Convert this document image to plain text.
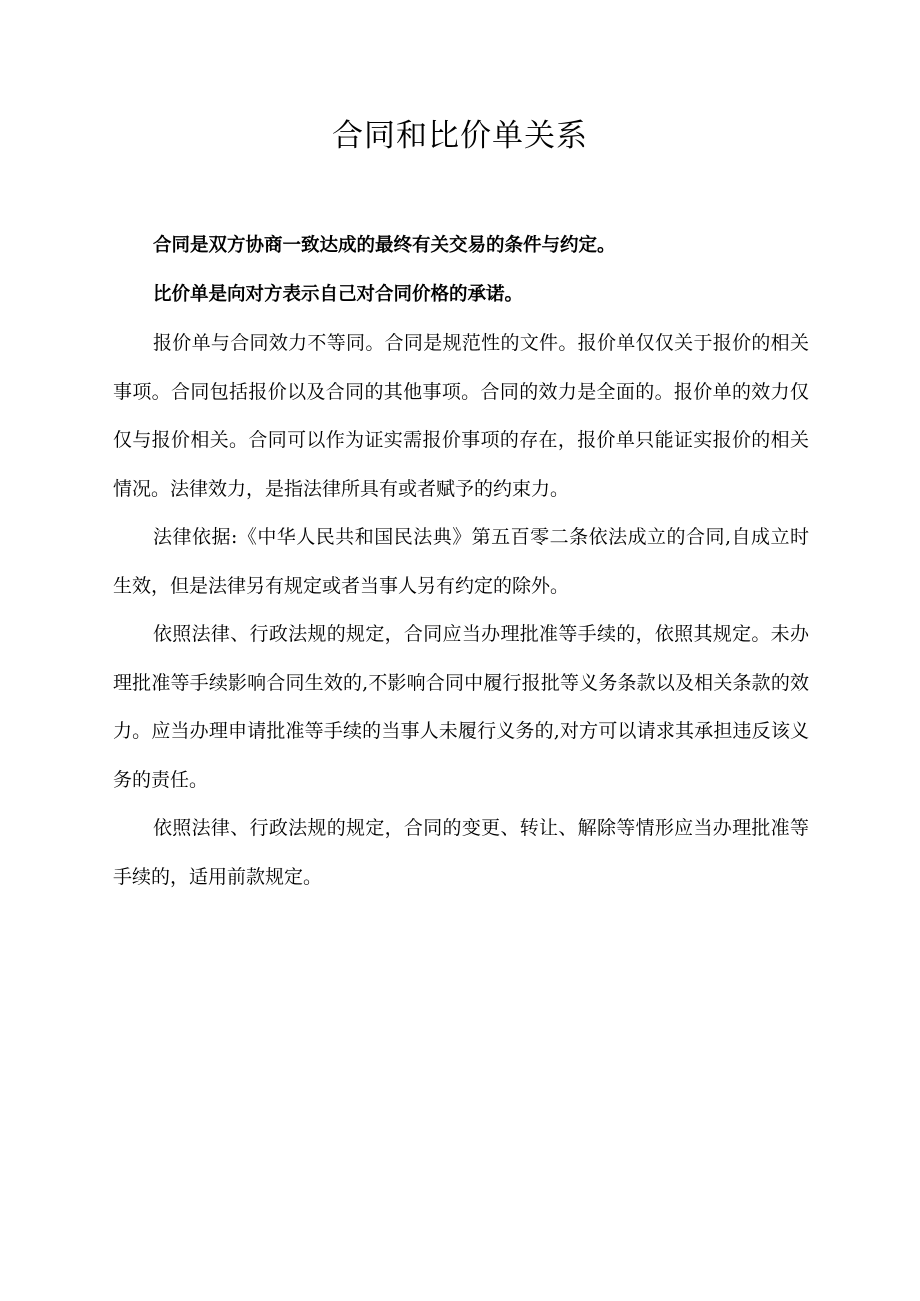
合同和比价单关系

合同是双方协商一致达成的最终有关交易的条件与约定。

比价单是向对方表示自己对合同价格的承诺。

报价单与合同效力不等同。合同是规范性的文件。报价单仅仅关于报价的相关事项。合同包括报价以及合同的其他事项。合同的效力是全面的。报价单的效力仅仅与报价相关。合同可以作为证实需报价事项的存在，报价单只能证实报价的相关情况。法律效力，是指法律所具有或者赋予的约束力。

法律依据:《中华人民共和国民法典》第五百零二条依法成立的合同,自成立时生效，但是法律另有规定或者当事人另有约定的除外。

依照法律、行政法规的规定，合同应当办理批准等手续的，依照其规定。未办理批准等手续影响合同生效的,不影响合同中履行报批等义务条款以及相关条款的效力。应当办理申请批准等手续的当事人未履行义务的,对方可以请求其承担违反该义务的责任。

依照法律、行政法规的规定，合同的变更、转让、解除等情形应当办理批准等手续的，适用前款规定。
